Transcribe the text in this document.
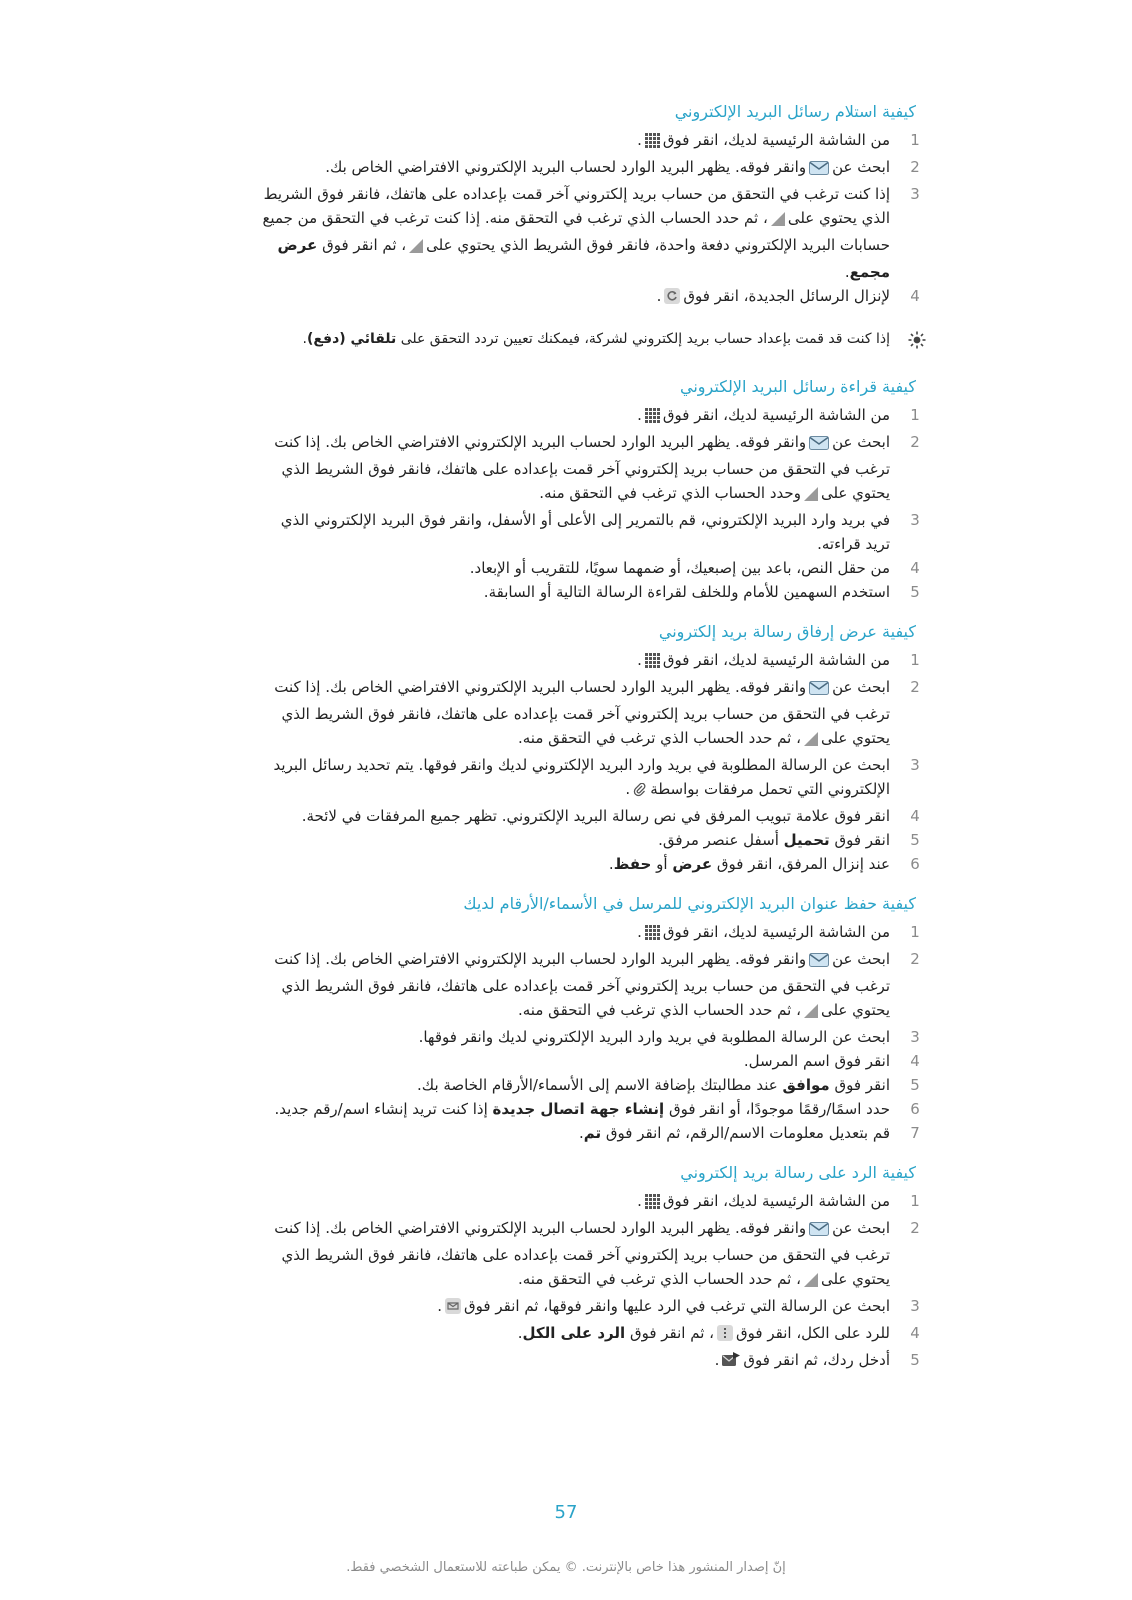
كيفية استلام رسائل البريد الإلكتروني
1
من الشاشة الرئيسية لديك، انقر فوق.
2
ابحث عنوانقر فوقه. يظهر البريد الوارد لحساب البريد الإلكتروني الافتراضي الخاص بك.
3
إذا كنت ترغب في التحقق من حساب بريد إلكتروني آخر قمت بإعداده على هاتفك، فانقر فوق الشريط الذي يحتوي على، ثم حدد الحساب الذي ترغب في التحقق منه. إذا كنت ترغب في التحقق من جميع حسابات البريد الإلكتروني دفعة واحدة، فانقر فوق الشريط الذي يحتوي على، ثم انقر فوق عرض مجمع.
4
لإنزال الرسائل الجديدة، انقر فوق.
إذا كنت قد قمت بإعداد حساب بريد إلكتروني لشركة، فيمكنك تعيين تردد التحقق على تلقائي (دفع).
كيفية قراءة رسائل البريد الإلكتروني
1
من الشاشة الرئيسية لديك، انقر فوق.
2
ابحث عنوانقر فوقه. يظهر البريد الوارد لحساب البريد الإلكتروني الافتراضي الخاص بك. إذا كنت ترغب في التحقق من حساب بريد إلكتروني آخر قمت بإعداده على هاتفك، فانقر فوق الشريط الذي يحتوي علىوحدد الحساب الذي ترغب في التحقق منه.
3
في بريد وارد البريد الإلكتروني، قم بالتمرير إلى الأعلى أو الأسفل، وانقر فوق البريد الإلكتروني الذي تريد قراءته.
4
من حقل النص، باعد بين إصبعيك، أو ضمهما سويًا، للتقريب أو الإبعاد.
5
استخدم السهمين للأمام وللخلف لقراءة الرسالة التالية أو السابقة.
كيفية عرض إرفاق رسالة بريد إلكتروني
1
من الشاشة الرئيسية لديك، انقر فوق.
2
ابحث عنوانقر فوقه. يظهر البريد الوارد لحساب البريد الإلكتروني الافتراضي الخاص بك. إذا كنت ترغب في التحقق من حساب بريد إلكتروني آخر قمت بإعداده على هاتفك، فانقر فوق الشريط الذي يحتوي على، ثم حدد الحساب الذي ترغب في التحقق منه.
3
ابحث عن الرسالة المطلوبة في بريد وارد البريد الإلكتروني لديك وانقر فوقها. يتم تحديد رسائل البريد الإلكتروني التي تحمل مرفقات بواسطة.
4
انقر فوق علامة تبويب المرفق في نص رسالة البريد الإلكتروني. تظهر جميع المرفقات في لائحة.
5
انقر فوق تحميل أسفل عنصر مرفق.
6
عند إنزال المرفق، انقر فوق عرض أو حفظ.
كيفية حفظ عنوان البريد الإلكتروني للمرسل في الأسماء/الأرقام لديك
1
من الشاشة الرئيسية لديك، انقر فوق.
2
ابحث عنوانقر فوقه. يظهر البريد الوارد لحساب البريد الإلكتروني الافتراضي الخاص بك. إذا كنت ترغب في التحقق من حساب بريد إلكتروني آخر قمت بإعداده على هاتفك، فانقر فوق الشريط الذي يحتوي على، ثم حدد الحساب الذي ترغب في التحقق منه.
3
ابحث عن الرسالة المطلوبة في بريد وارد البريد الإلكتروني لديك وانقر فوقها.
4
انقر فوق اسم المرسل.
5
انقر فوق موافق عند مطالبتك بإضافة الاسم إلى الأسماء/الأرقام الخاصة بك.
6
حدد اسمًا/رقمًا موجودًا، أو انقر فوق إنشاء جهة اتصال جديدة إذا كنت تريد إنشاء اسم/رقم جديد.
7
قم بتعديل معلومات الاسم/الرقم، ثم انقر فوق تم.
كيفية الرد على رسالة بريد إلكتروني
1
من الشاشة الرئيسية لديك، انقر فوق.
2
ابحث عنوانقر فوقه. يظهر البريد الوارد لحساب البريد الإلكتروني الافتراضي الخاص بك. إذا كنت ترغب في التحقق من حساب بريد إلكتروني آخر قمت بإعداده على هاتفك، فانقر فوق الشريط الذي يحتوي على، ثم حدد الحساب الذي ترغب في التحقق منه.
3
ابحث عن الرسالة التي ترغب في الرد عليها وانقر فوقها، ثم انقر فوق.
4
للرد على الكل، انقر فوق، ثم انقر فوق الرد على الكل.
5
أدخل ردك، ثم انقر فوق.
57
إنّ إصدار المنشور هذا خاص بالإنترنت. © يمكن طباعته للاستعمال الشخصي فقط.
